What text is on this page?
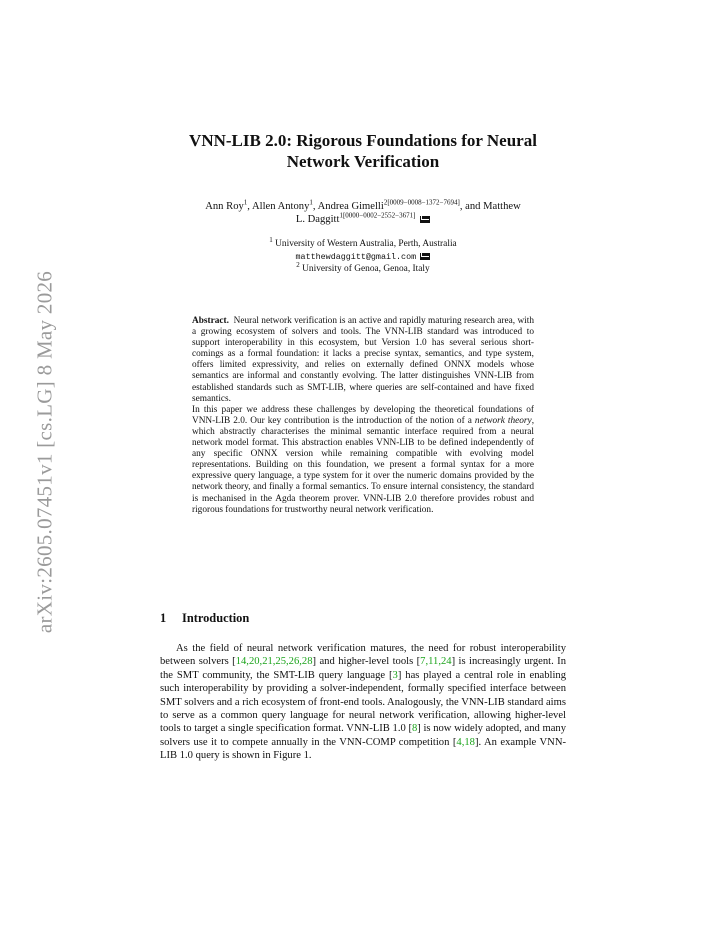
arXiv:2605.07451v1 [cs.LG] 8 May 2026
VNN-LIB 2.0: Rigorous Foundations for Neural
Network Verification
Ann Roy$^1$, Allen Antony$^1$, Andrea Gimelli$^{2[0009-0008-1372-7694]}$, and Matthew
L. Daggitt$^{1[0000-0002-2552-3671]}$
$^1$ University of Western Australia, Perth, Australia
matthewdaggitt@gmail.com
$^2$ University of Genoa, Genoa, Italy

Abstract. Neural network verification is an active and rapidly maturing research area, with a growing ecosystem of solvers and tools. The VNN-LIB standard was introduced to support interoperability in this ecosystem, but Version 1.0 has several serious short-comings as a formal foundation: it lacks a precise syntax, semantics, and type system, offers limited expressivity, and relies on externally defined ONNX models whose semantics are informal and constantly evolving. The latter distinguishes VNN-LIB from established standards such as SMT-LIB, where queries are self-contained and have fixed semantics.

In this paper we address these challenges by developing the theoretical foundations of VNN-LIB 2.0. Our key contribution is the introduction of the notion of a network theory, which abstractly characterises the minimal semantic interface required from a neural network model format. This abstraction enables VNN-LIB to be defined independently of any specific ONNX version while remaining compatible with evolving model representations. Building on this foundation, we present a formal syntax for a more expressive query language, a type system for it over the numeric domains provided by the network theory, and finally a formal semantics. To ensure internal consistency, the standard is mechanised in the Agda theorem prover. VNN-LIB 2.0 therefore provides robust and rigorous foundations for trustworthy neural network verification.

1 Introduction

As the field of neural network verification matures, the need for robust interoperability between solvers [14,20,21,25,26,28] and higher-level tools [7,11,24] is increasingly urgent. In the SMT community, the SMT-LIB query language [3] has played a central role in enabling such interoperability by providing a solver-independent, formally specified interface between SMT solvers and a rich ecosystem of front-end tools. Analogously, the VNN-LIB standard aims to serve as a common query language for neural network verification, allowing higher-level tools to target a single specification format. VNN-LIB 1.0 [8] is now widely adopted, and many solvers use it to compete annually in the VNN-COMP competition [4,18]. An example VNN-LIB 1.0 query is shown in Figure 1.
